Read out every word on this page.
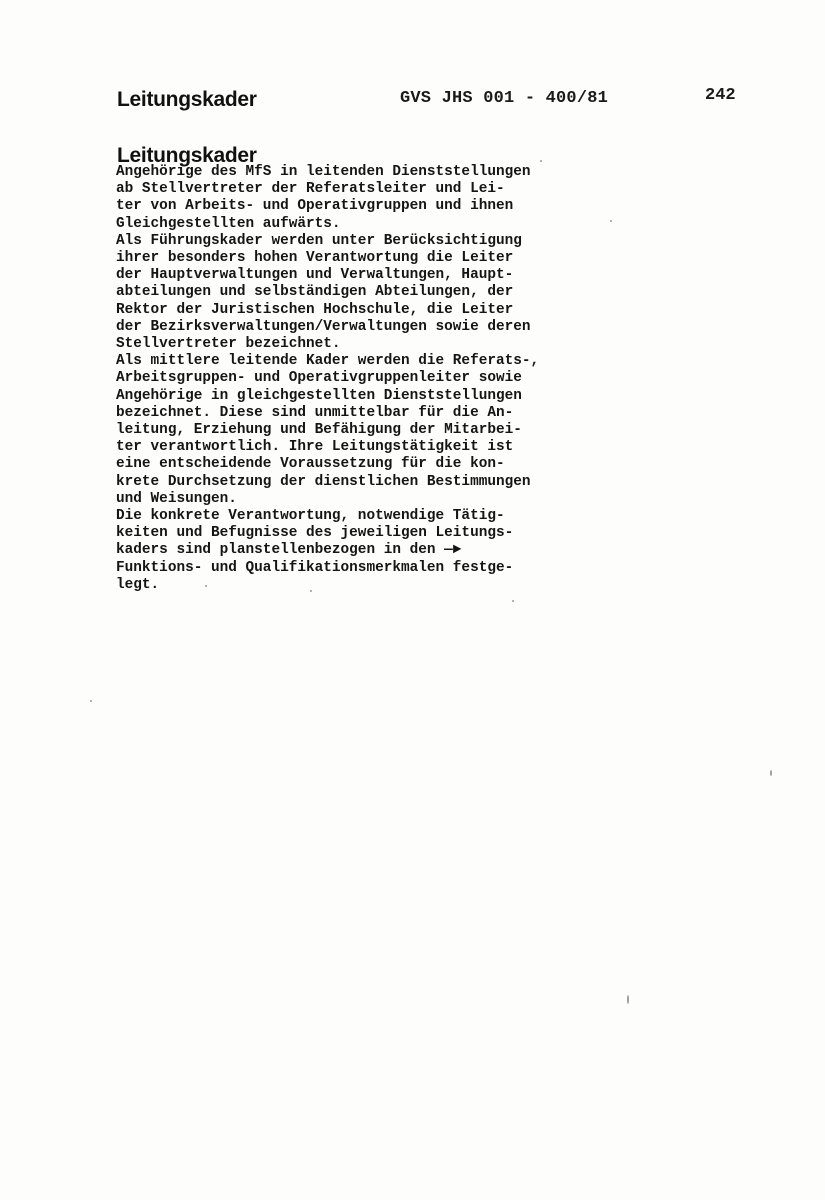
Leitungskader	GVS JHS 001 - 400/81	242
Leitungskader
Angehörige des MfS in leitenden Dienststellungen
ab Stellvertreter der Referatsleiter und Lei-
ter von Arbeits- und Operativgruppen und ihnen
Gleichgestellten aufwärts.
Als Führungskader werden unter Berücksichtigung
ihrer besonders hohen Verantwortung die Leiter
der Hauptverwaltungen und Verwaltungen, Haupt-
abteilungen und selbständigen Abteilungen, der
Rektor der Juristischen Hochschule, die Leiter
der Bezirksverwaltungen/Verwaltungen sowie deren
Stellvertreter bezeichnet.
Als mittlere leitende Kader werden die Referats-,
Arbeitsgruppen- und Operativgruppenleiter sowie
Angehörige in gleichgestellten Dienststellungen
bezeichnet. Diese sind unmittelbar für die An-
leitung, Erziehung und Befähigung der Mitarbei-
ter verantwortlich. Ihre Leitungstätigkeit ist
eine entscheidende Voraussetzung für die kon-
krete Durchsetzung der dienstlichen Bestimmungen
und Weisungen.
Die konkrete Verantwortung, notwendige Tätig-
keiten und Befugnisse des jeweiligen Leitungs-
kaders sind planstellenbezogen in den —►
Funktions- und Qualifikationsmerkmalen festge-
legt.
